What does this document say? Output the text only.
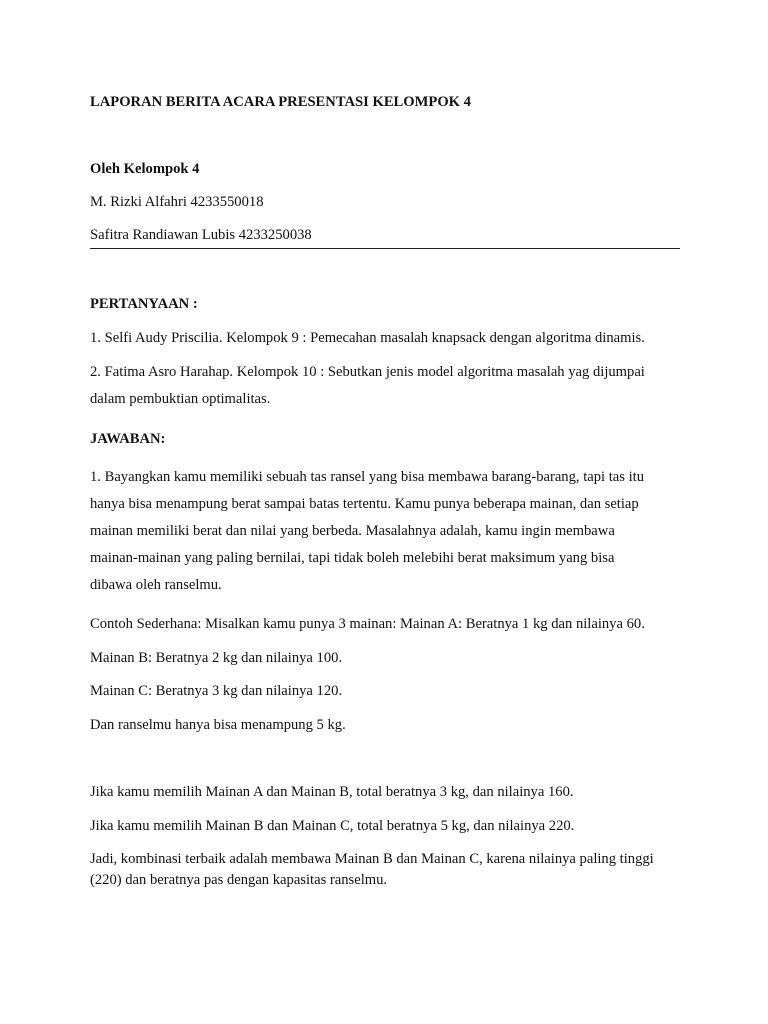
LAPORAN BERITA ACARA PRESENTASI KELOMPOK 4
Oleh Kelompok 4
M. Rizki Alfahri 4233550018
Safitra Randiawan Lubis 4233250038
PERTANYAAN :
1. Selfi Audy Priscilia. Kelompok 9 : Pemecahan masalah knapsack dengan algoritma dinamis.
2. Fatima Asro Harahap. Kelompok 10 : Sebutkan jenis model algoritma masalah yag dijumpai
dalam pembuktian optimalitas.
JAWABAN:
1. Bayangkan kamu memiliki sebuah tas ransel yang bisa membawa barang-barang, tapi tas itu
hanya bisa menampung berat sampai batas tertentu. Kamu punya beberapa mainan, dan setiap
mainan memiliki berat dan nilai yang berbeda. Masalahnya adalah, kamu ingin membawa
mainan-mainan yang paling bernilai, tapi tidak boleh melebihi berat maksimum yang bisa
dibawa oleh ranselmu.
Contoh Sederhana: Misalkan kamu punya 3 mainan: Mainan A: Beratnya 1 kg dan nilainya 60.
Mainan B: Beratnya 2 kg dan nilainya 100.
Mainan C: Beratnya 3 kg dan nilainya 120.
Dan ranselmu hanya bisa menampung 5 kg.
Jika kamu memilih Mainan A dan Mainan B, total beratnya 3 kg, dan nilainya 160.
Jika kamu memilih Mainan B dan Mainan C, total beratnya 5 kg, dan nilainya 220.
Jadi, kombinasi terbaik adalah membawa Mainan B dan Mainan C, karena nilainya paling tinggi
(220) dan beratnya pas dengan kapasitas ranselmu.
